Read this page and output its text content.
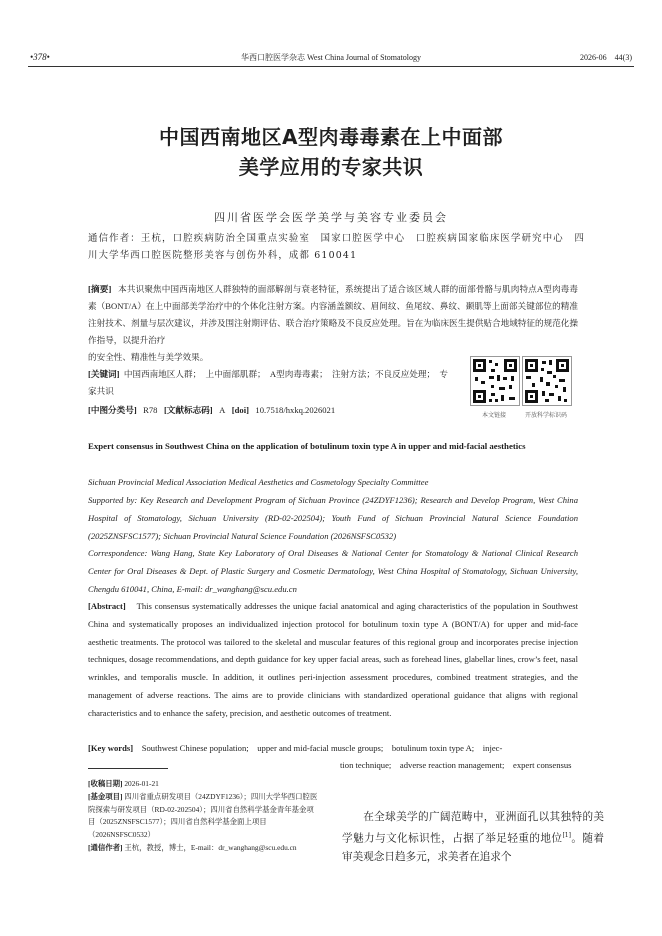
•378•	华西口腔医学杂志 West China Journal of Stomatology	2026-06　44(3)
中国西南地区A型肉毒毒素在上中面部
美学应用的专家共识
四川省医学会医学美学与美容专业委员会
通信作者：王杭，口腔疾病防治全国重点实验室　国家口腔医学中心　口腔疾病国家临床医学研究中心　四川大学华西口腔医院整形美容与创伤外科，成都 610041
[摘要] 本共识聚焦中国西南地区人群独特的面部解剖与衰老特征，系统提出了适合该区域人群的面部骨骼与肌肉特点A型肉毒毒素（BONT/A）在上中面部美学治疗中的个体化注射方案。内容涵盖额纹、眉间纹、鱼尾纹、鼻纹、颞肌等上面部关键部位的精准注射技术、剂量与层次建议，并涉及围注射期评估、联合治疗策略及不良反应处理。旨在为临床医生提供贴合地域特征的规范化操作指导，以提升治疗
的安全性、精准性与美学效果。
[关键词] 中国西南地区人群；　上中面部肌群；　A型肉毒毒素；　注射方法；不良反应处理；　专家共识
[中图分类号] R78 [文献标志码] A [doi] 10.7518/hxkq.2026021
本文链接	开放科学标识码
Expert consensus in Southwest China on the application of botulinum toxin type A in upper and mid-facial aesthetics
Sichuan Provincial Medical Association Medical Aesthetics and Cosmetology Specialty Committee
Supported by: Key Research and Development Program of Sichuan Province (24ZDYF1236); Research and Develop Program, West China Hospital of Stomatology, Sichuan University (RD-02-202504); Youth Fund of Sichuan Provincial Natural Science Foundation (2025ZNSFSC1577); Sichuan Provincial Natural Science Foundation (2026NSFSC0532)
Correspondence: Wang Hang, State Key Laboratory of Oral Diseases & National Center for Stomatology & National Clinical Research Center for Oral Diseases & Dept. of Plastic Surgery and Cosmetic Dermatology, West China Hospital of Stomatology, Sichuan University, Chengdu 610041, China, E-mail: dr_wanghang@scu.edu.cn
[Abstract] This consensus systematically addresses the unique facial anatomical and aging characteristics of the population in Southwest China and systematically proposes an individualized injection protocol for botulinum toxin type A (BONT/A) for upper and mid-face aesthetic treatments. The protocol was tailored to the skeletal and muscular features of this regional group and incorporates precise injection techniques, dosage recommendations, and depth guidance for key upper facial areas, such as forehead lines, glabellar lines, crow’s feet, nasal wrinkles, and temporalis muscle. In addition, it outlines peri-injection assessment procedures, combined treatment strategies, and the management of adverse reactions. The aims are to provide clinicians with standardized operational guidance that aligns with regional characteristics and to enhance the safety, precision, and aesthetic outcomes of treatment.
[Key words] Southwest Chinese population;　upper and mid-facial muscle groups;　botulinum toxin type A;　injec-
tion technique;　adverse reaction management;　expert consensus
[收稿日期] 2026-01-21
[基金项目] 四川省重点研发项目（24ZDYF1236）；四川大学华西口腔医院探索与研发项目（RD-02-202504）；四川省自然科学基金青年基金项目（2025ZNSFSC1577）；四川省自然科学基金面上项目（2026NSFSC0532）
[通信作者] 王杭，教授，博士，E-mail：dr_wanghang@scu.edu.cn
在全球美学的广阔范畴中，亚洲面孔以其独特的美学魅力与文化标识性，占据了举足轻重的地位[1]。随着审美观念日趋多元，求美者在追求个
